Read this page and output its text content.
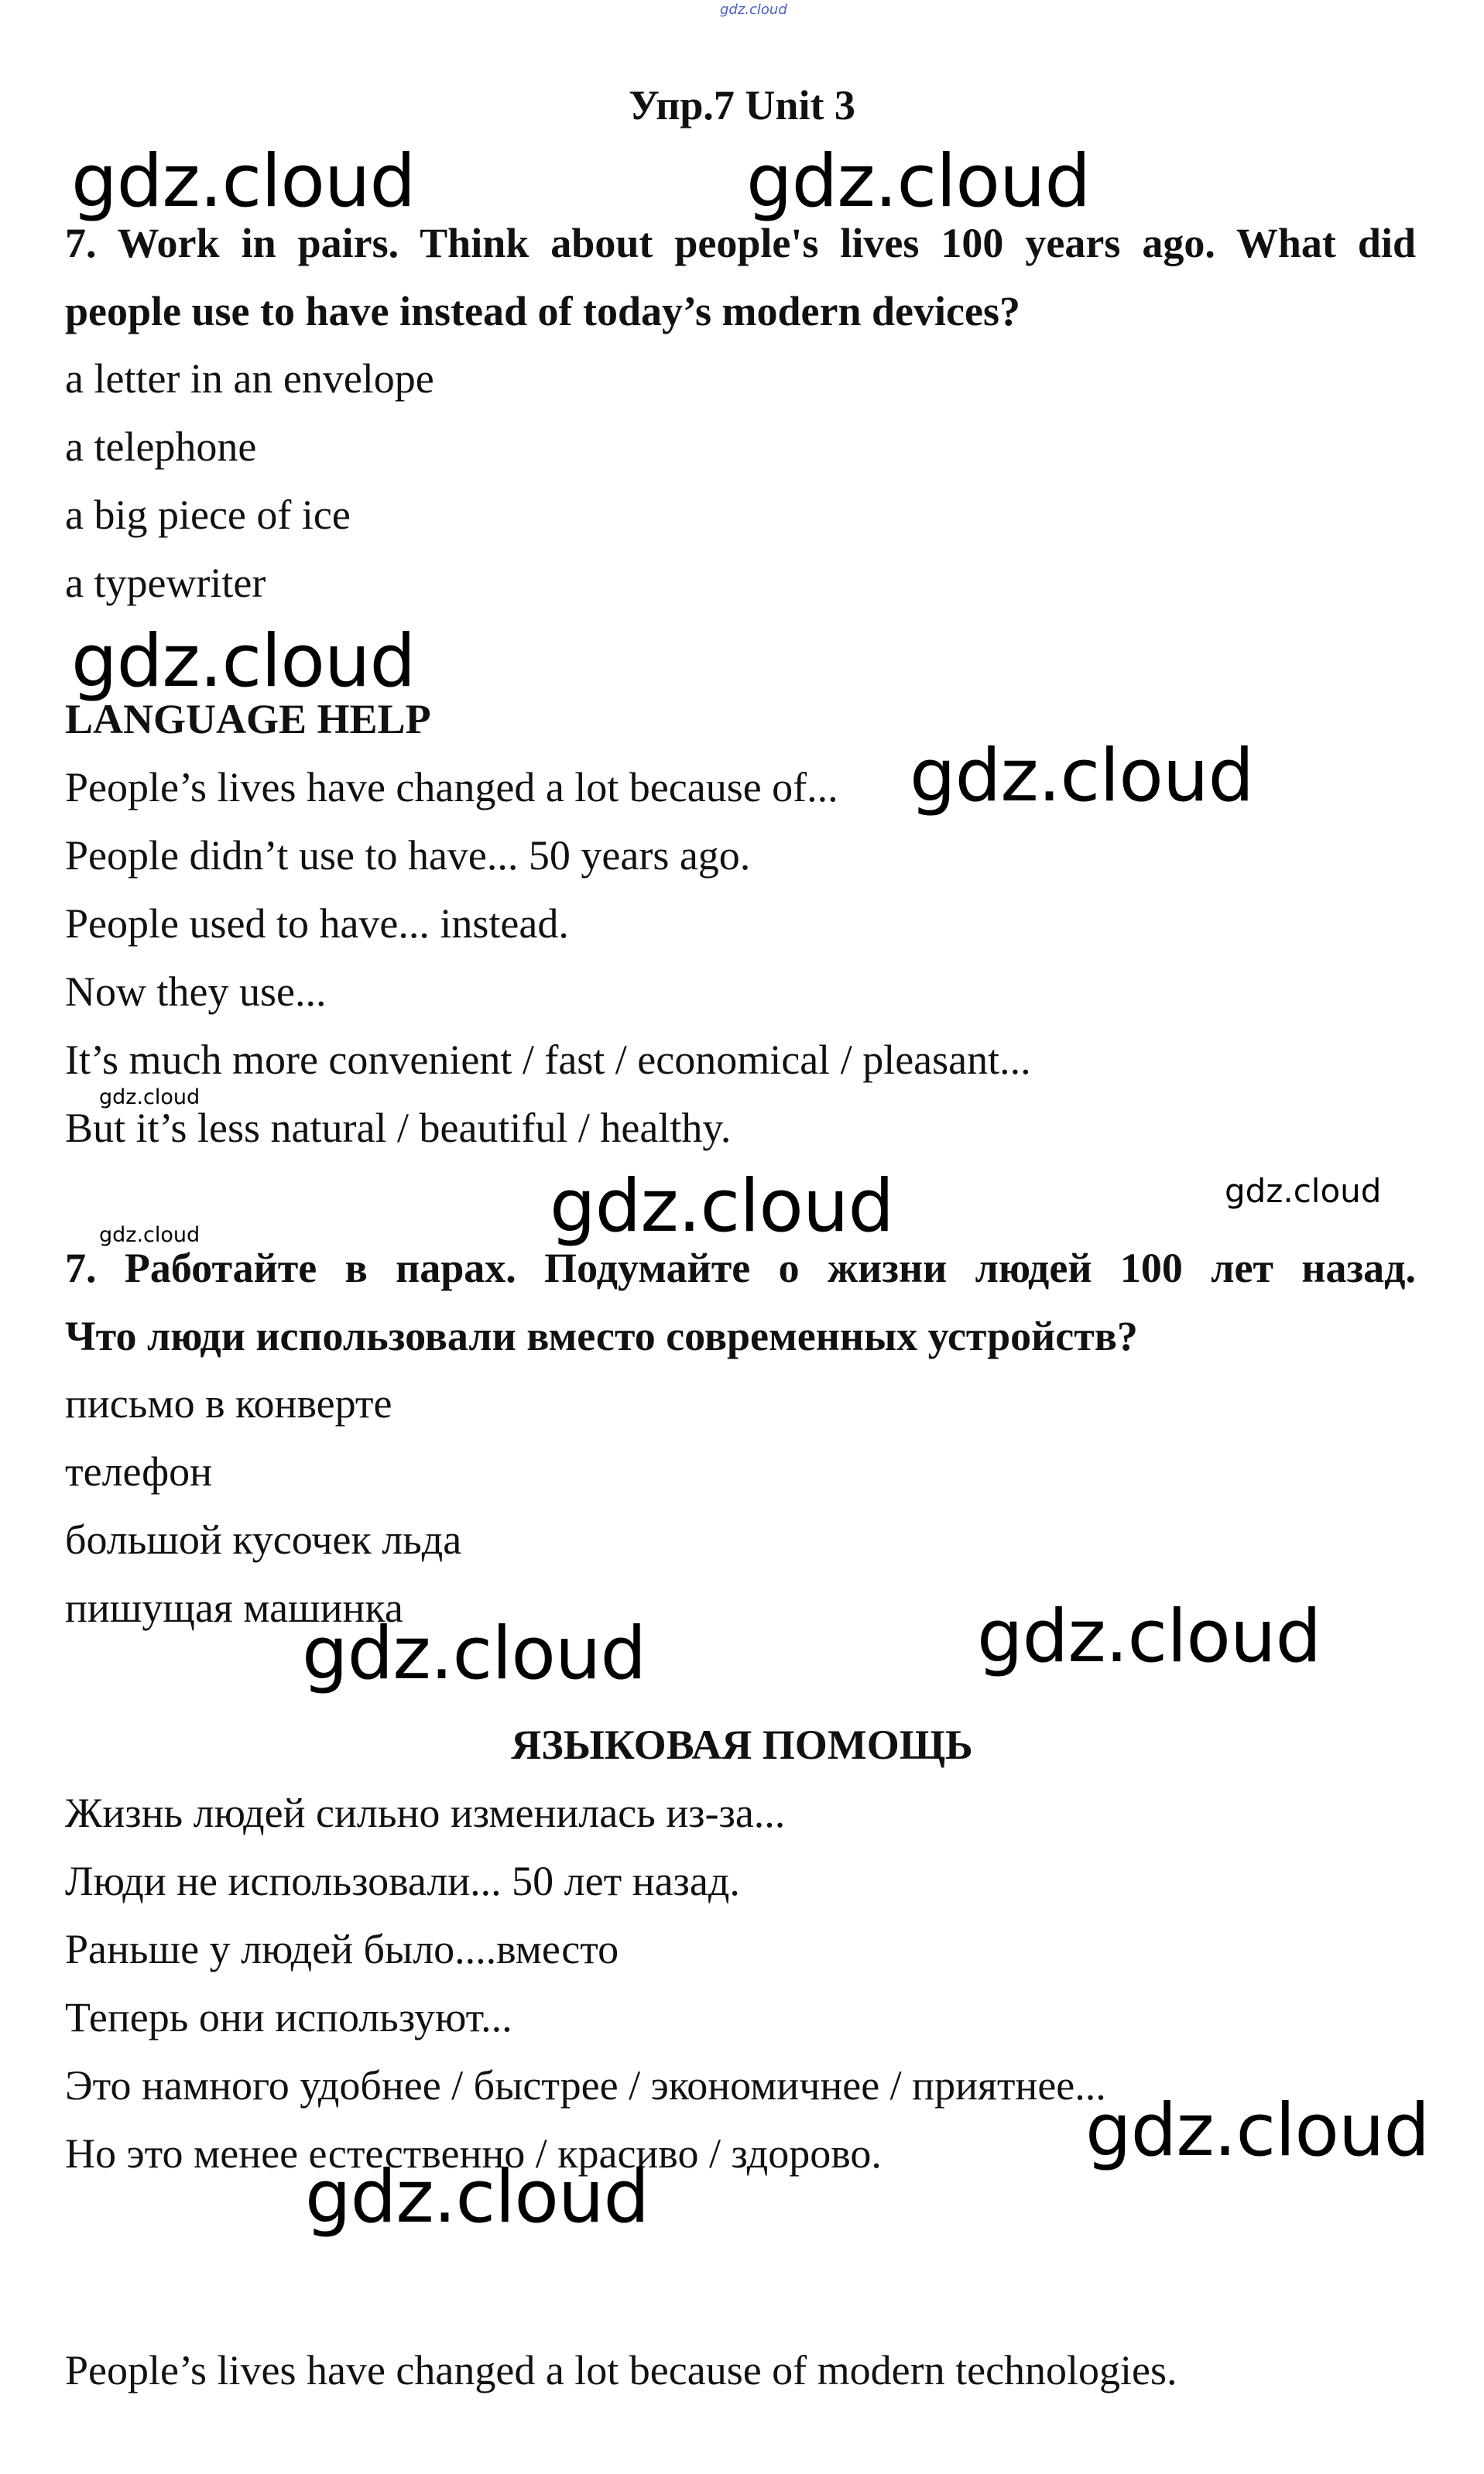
gdz.cloud
Упр.7 Unit 3
gdz.cloud	gdz.cloud
7. Work in pairs. Think about people's lives 100 years ago. What did
people use to have instead of today’s modern devices?
a letter in an envelope
a telephone
a big piece of ice
a typewriter
gdz.cloud
LANGUAGE HELP
People’s lives have changed a lot because of... gdz.cloud
People didn’t use to have... 50 years ago.
People used to have... instead.
Now they use...
It’s much more convenient / fast / economical / pleasant...
gdz.cloud
But it’s less natural / beautiful / healthy.
gdz.cloud	gdz.cloud
gdz.cloud
7. Работайте в парах. Подумайте о жизни людей 100 лет назад.
Что люди использовали вместо современных устройств?
письмо в конверте
телефон
большой кусочек льда
пишущая машинка
gdz.cloud	gdz.cloud
ЯЗЫКОВАЯ ПОМОЩЬ
Жизнь людей сильно изменилась из-за...
Люди не использовали... 50 лет назад.
Раньше у людей было....вместо
Теперь они используют...
Это намного удобнее / быстрее / экономичнее / приятнее...
Но это менее естественно / красиво / здорово.	gdz.cloud
gdz.cloud
People’s lives have changed a lot because of modern technologies.
